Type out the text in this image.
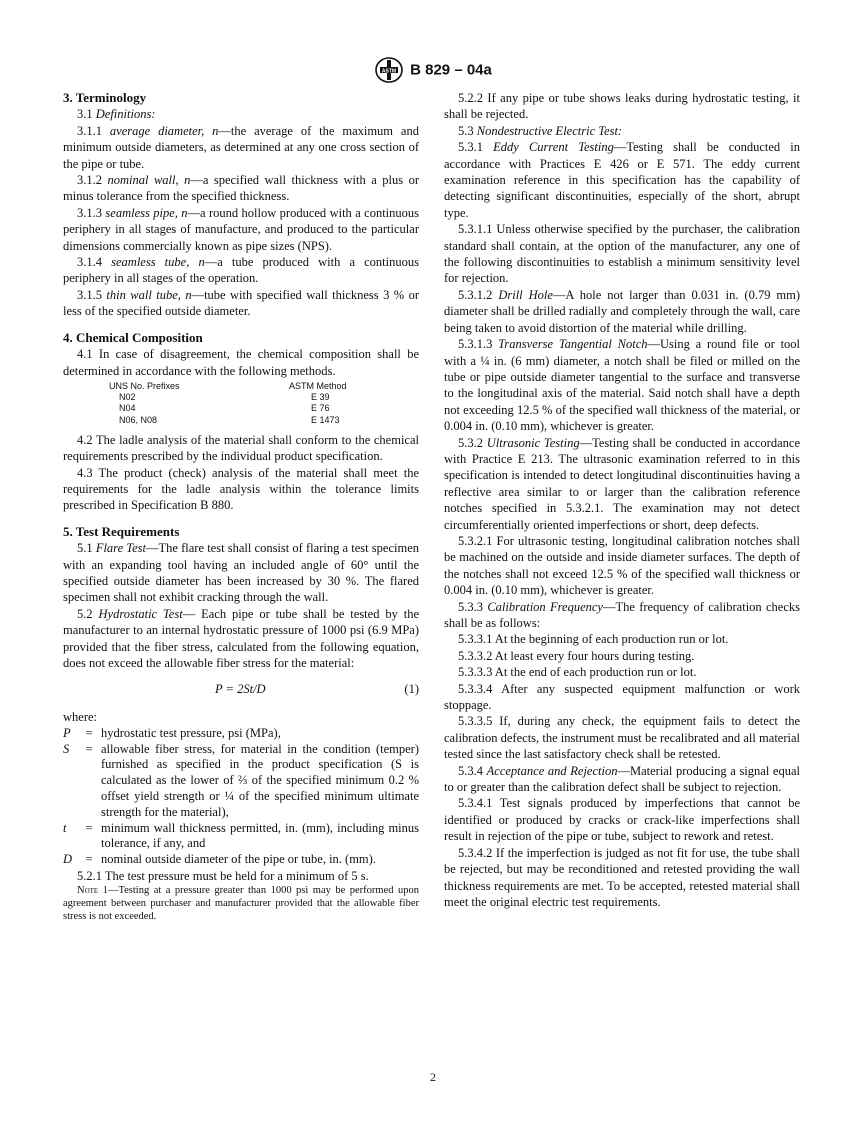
ASTM B 829 – 04a

3. Terminology

3.1 Definitions:

3.1.1 average diameter, n—the average of the maximum and minimum outside diameters, as determined at any one cross section of the pipe or tube.

3.1.2 nominal wall, n—a specified wall thickness with a plus or minus tolerance from the specified thickness.

3.1.3 seamless pipe, n—a round hollow produced with a continuous periphery in all stages of manufacture, and produced to the particular dimensions commercially known as pipe sizes (NPS).

3.1.4 seamless tube, n—a tube produced with a continuous periphery in all stages of the operation.

3.1.5 thin wall tube, n—tube with specified wall thickness 3 % or less of the specified outside diameter.

4. Chemical Composition

4.1 In case of disagreement, the chemical composition shall be determined in accordance with the following methods.

UNS No. Prefixes	ASTM Method
N02	E 39
N04	E 76
N06, N08	E 1473

4.2 The ladle analysis of the material shall conform to the chemical requirements prescribed by the individual product specification.

4.3 The product (check) analysis of the material shall meet the requirements for the ladle analysis within the tolerance limits prescribed in Specification B 880.

5. Test Requirements

5.1 Flare Test—The flare test shall consist of flaring a test specimen with an expanding tool having an included angle of 60° until the specified outside diameter has been increased by 30 %. The flared specimen shall not exhibit cracking through the wall.

5.2 Hydrostatic Test— Each pipe or tube shall be tested by the manufacturer to an internal hydrostatic pressure of 1000 psi (6.9 MPa) provided that the fiber stress, calculated from the following equation, does not exceed the allowable fiber stress for the material:

P = 2St/D	(1)

where:

P	=	hydrostatic test pressure, psi (MPa),
S	=	allowable fiber stress, for material in the condition (temper) furnished as specified in the product specification (S is calculated as the lower of ⅔ of the specified minimum 0.2 % offset yield strength or ¼ of the specified minimum ultimate strength for the material),
t	=	minimum wall thickness permitted, in. (mm), including minus tolerance, if any, and
D	=	nominal outside diameter of the pipe or tube, in. (mm).

5.2.1 The test pressure must be held for a minimum of 5 s.

Note 1—Testing at a pressure greater than 1000 psi may be performed upon agreement between purchaser and manufacturer provided that the allowable fiber stress is not exceeded.

5.2.2 If any pipe or tube shows leaks during hydrostatic testing, it shall be rejected.

5.3 Nondestructive Electric Test:

5.3.1 Eddy Current Testing—Testing shall be conducted in accordance with Practices E 426 or E 571. The eddy current examination reference in this specification has the capability of detecting significant discontinuities, especially of the short, abrupt type.

5.3.1.1 Unless otherwise specified by the purchaser, the calibration standard shall contain, at the option of the manufacturer, any one of the following discontinuities to establish a minimum sensitivity level for rejection.

5.3.1.2 Drill Hole—A hole not larger than 0.031 in. (0.79 mm) diameter shall be drilled radially and completely through the wall, care being taken to avoid distortion of the material while drilling.

5.3.1.3 Transverse Tangential Notch—Using a round file or tool with a ¼ in. (6 mm) diameter, a notch shall be filed or milled on the tube or pipe outside diameter tangential to the surface and transverse to the longitudinal axis of the material. Said notch shall have a depth not exceeding 12.5 % of the specified wall thickness of the material, or 0.004 in. (0.10 mm), whichever is greater.

5.3.2 Ultrasonic Testing—Testing shall be conducted in accordance with Practice E 213. The ultrasonic examination referred to in this specification is intended to detect longitudinal discontinuities having a reflective area similar to or larger than the calibration reference notches specified in 5.3.2.1. The examination may not detect circumferentially oriented imperfections or short, deep defects.

5.3.2.1 For ultrasonic testing, longitudinal calibration notches shall be machined on the outside and inside diameter surfaces. The depth of the notches shall not exceed 12.5 % of the specified wall thickness or 0.004 in. (0.10 mm), whichever is greater.

5.3.3 Calibration Frequency—The frequency of calibration checks shall be as follows:

5.3.3.1 At the beginning of each production run or lot.

5.3.3.2 At least every four hours during testing.

5.3.3.3 At the end of each production run or lot.

5.3.3.4 After any suspected equipment malfunction or work stoppage.

5.3.3.5 If, during any check, the equipment fails to detect the calibration defects, the instrument must be recalibrated and all material tested since the last satisfactory check shall be retested.

5.3.4 Acceptance and Rejection—Material producing a signal equal to or greater than the calibration defect shall be subject to rejection.

5.3.4.1 Test signals produced by imperfections that cannot be identified or produced by cracks or crack-like imperfections shall result in rejection of the pipe or tube, subject to rework and retest.

5.3.4.2 If the imperfection is judged as not fit for use, the tube shall be rejected, but may be reconditioned and retested providing the wall thickness requirements are met. To be accepted, retested material shall meet the original electric test requirements.

2
